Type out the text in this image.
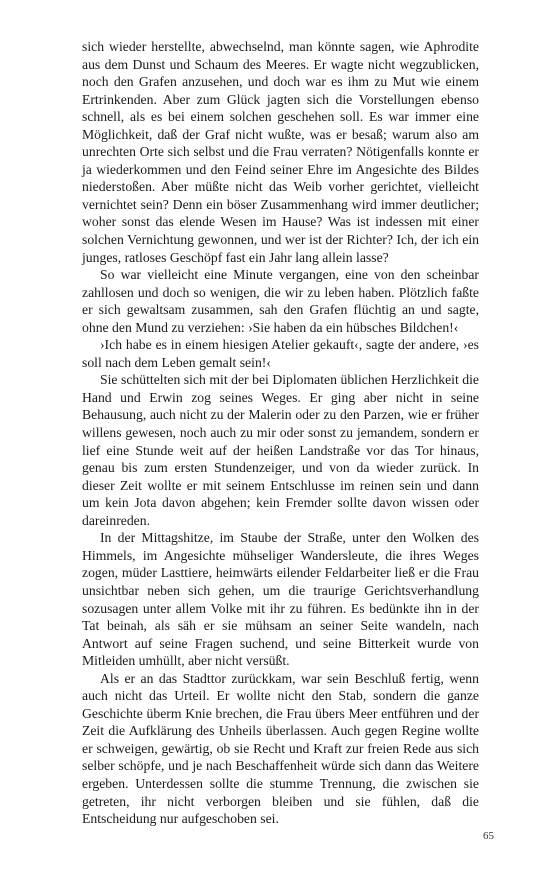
sich wieder herstellte, abwechselnd, man könnte sagen, wie Aphrodite aus dem Dunst und Schaum des Meeres. Er wagte nicht wegzublicken, noch den Grafen anzusehen, und doch war es ihm zu Mut wie einem Ertrinkenden. Aber zum Glück jagten sich die Vorstellungen ebenso schnell, als es bei einem solchen geschehen soll. Es war immer eine Möglichkeit, daß der Graf nicht wußte, was er besaß; warum also am unrechten Orte sich selbst und die Frau verraten? Nötigenfalls konnte er ja wiederkommen und den Feind seiner Ehre im Angesichte des Bildes niederstoßen. Aber müßte nicht das Weib vorher gerichtet, vielleicht vernichtet sein? Denn ein böser Zusammenhang wird immer deutlicher; woher sonst das elende Wesen im Hause? Was ist indessen mit einer solchen Vernichtung gewonnen, und wer ist der Richter? Ich, der ich ein junges, ratloses Geschöpf fast ein Jahr lang allein lasse?

So war vielleicht eine Minute vergangen, eine von den scheinbar zahllosen und doch so wenigen, die wir zu leben haben. Plötzlich faßte er sich gewaltsam zusammen, sah den Grafen flüchtig an und sagte, ohne den Mund zu verziehen: ›Sie haben da ein hübsches Bildchen!‹

›Ich habe es in einem hiesigen Atelier gekauft‹, sagte der andere, ›es soll nach dem Leben gemalt sein!‹

Sie schüttelten sich mit der bei Diplomaten üblichen Herzlichkeit die Hand und Erwin zog seines Weges. Er ging aber nicht in seine Behausung, auch nicht zu der Malerin oder zu den Parzen, wie er früher willens gewesen, noch auch zu mir oder sonst zu jemandem, sondern er lief eine Stunde weit auf der heißen Landstraße vor das Tor hinaus, genau bis zum ersten Stundenzeiger, und von da wieder zurück. In dieser Zeit wollte er mit seinem Entschlusse im reinen sein und dann um kein Jota davon abgehen; kein Fremder sollte davon wissen oder dareinreden.

In der Mittagshitze, im Staube der Straße, unter den Wolken des Himmels, im Angesichte mühseliger Wandersleute, die ihres Weges zogen, müder Lasttiere, heimwärts eilender Feldarbeiter ließ er die Frau unsichtbar neben sich gehen, um die traurige Gerichtsverhandlung sozusagen unter allem Volke mit ihr zu führen. Es bedünkte ihn in der Tat beinah, als säh er sie mühsam an seiner Seite wandeln, nach Antwort auf seine Fragen suchend, und seine Bitterkeit wurde von Mitleiden umhüllt, aber nicht versüßt.

Als er an das Stadttor zurückkam, war sein Beschluß fertig, wenn auch nicht das Urteil. Er wollte nicht den Stab, sondern die ganze Geschichte überm Knie brechen, die Frau übers Meer entführen und der Zeit die Aufklärung des Unheils überlassen. Auch gegen Regine wollte er schweigen, gewärtig, ob sie Recht und Kraft zur freien Rede aus sich selber schöpfe, und je nach Beschaffenheit würde sich dann das Weitere ergeben. Unterdessen sollte die stumme Trennung, die zwischen sie getreten, ihr nicht verborgen bleiben und sie fühlen, daß die Entscheidung nur aufgeschoben sei.

65
